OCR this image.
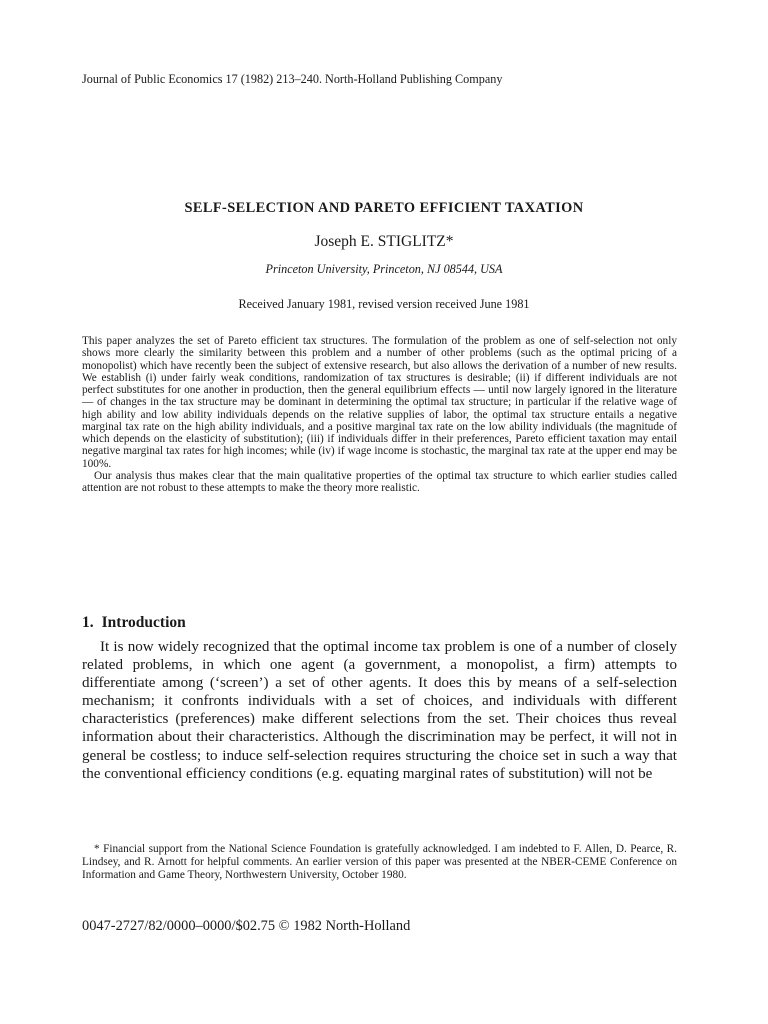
Journal of Public Economics 17 (1982) 213–240. North-Holland Publishing Company
SELF-SELECTION AND PARETO EFFICIENT TAXATION
Joseph E. STIGLITZ*
Princeton University, Princeton, NJ 08544, USA
Received January 1981, revised version received June 1981

This paper analyzes the set of Pareto efficient tax structures. The formulation of the problem as one of self-selection not only shows more clearly the similarity between this problem and a number of other problems (such as the optimal pricing of a monopolist) which have recently been the subject of extensive research, but also allows the derivation of a number of new results. We establish (i) under fairly weak conditions, randomization of tax structures is desirable; (ii) if different individuals are not perfect substitutes for one another in production, then the general equilibrium effects — until now largely ignored in the literature — of changes in the tax structure may be dominant in determining the optimal tax structure; in particular if the relative wage of high ability and low ability individuals depends on the relative supplies of labor, the optimal tax structure entails a negative marginal tax rate on the high ability individuals, and a positive marginal tax rate on the low ability individuals (the magnitude of which depends on the elasticity of substitution); (iii) if individuals differ in their preferences, Pareto efficient taxation may entail negative marginal tax rates for high incomes; while (iv) if wage income is stochastic, the marginal tax rate at the upper end may be 100%.

Our analysis thus makes clear that the main qualitative properties of the optimal tax structure to which earlier studies called attention are not robust to these attempts to make the theory more realistic.

1. Introduction

It is now widely recognized that the optimal income tax problem is one of a number of closely related problems, in which one agent (a government, a monopolist, a firm) attempts to differentiate among (‘screen’) a set of other agents. It does this by means of a self-selection mechanism; it confronts individuals with a set of choices, and individuals with different characteristics (preferences) make different selections from the set. Their choices thus reveal information about their characteristics. Although the discrimination may be perfect, it will not in general be costless; to induce self-selection requires structuring the choice set in such a way that the conventional efficiency conditions (e.g. equating marginal rates of substitution) will not be

* Financial support from the National Science Foundation is gratefully acknowledged. I am indebted to F. Allen, D. Pearce, R. Lindsey, and R. Arnott for helpful comments. An earlier version of this paper was presented at the NBER-CEME Conference on Information and Game Theory, Northwestern University, October 1980.

0047-2727/82/0000–0000/$02.75 © 1982 North-Holland
